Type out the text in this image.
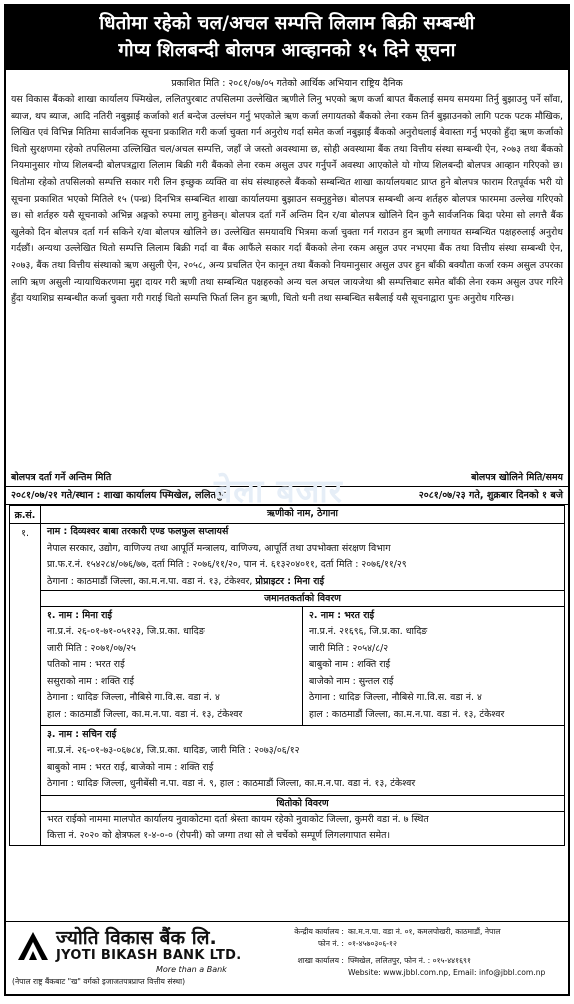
धितोमा रहेको चल/अचल सम्पत्ति लिलाम बिक्री सम्बन्धी
गोप्य शिलबन्दी बोलपत्र आव्हानको १५ दिने सूचना
प्रकाशित मिति : २०८१/०७/०५ गतेको आर्थिक अभियान राष्ट्रिय दैनिक
यस विकास बैंकको शाखा कार्यालय फ्मिखेल, ललितपुरबाट तपसिलमा उल्लेखित ऋणीले लिनु भएको ऋण कर्जा बापत बैंकलाई समय समयमा तिर्नु बुझाउनु पर्ने साँवा, ब्याज, थप ब्याज, आदि नतिरी नबुझाई कर्जाको शर्त बन्देज उल्लंघन गर्नु भएकोले ऋण कर्जा लगायतको बैंकको लेना रकम तिर्न बुझाउनको लागि पटक पटक मौखिक, लिखित एवं विभिन्न मितिमा सार्वजनिक सूचना प्रकाशित गरी कर्जा चुक्ता गर्न अनुरोध गर्दा समेत कर्जा नबुझाई बैंकको अनुरोधलाई बेवास्ता गर्नु भएको हुँदा ऋण कर्जाको धितो सुरक्षणमा रहेको तपसिलमा उल्लिखित चल/अचल सम्पत्ति, जहाँ जे जस्तो अवस्थामा छ, सोही अवस्थामा बैंक तथा वित्तीय संस्था सम्बन्धी ऐन, २०७३ तथा बैंकको नियमानुसार गोप्य शिलबन्दी बोलपत्रद्वारा लिलाम बिक्री गरी बैंकको लेना रकम असुल उपर गर्नुपर्ने अवस्था आएकोले यो गोप्य शिलबन्दी बोलपत्र आव्हान गरिएको छ। धितोमा रहेको तपसिलको सम्पत्ति सकार गरी लिन इच्छुक व्यक्ति वा संघ संस्थाहरुले बैंकको सम्बन्धित शाखा कार्यालयबाट प्राप्त हुने बोलपत्र फाराम रितपूर्वक भरी यो सूचना प्रकाशित भएको मितिले १५ (पन्ध्र) दिनभित्र सम्बन्धित शाखा कार्यालयमा बुझाउन सक्नुहुनेछ। बोलपत्र सम्बन्धी अन्य शर्तहरु बोलपत्र फारममा उल्लेख गरिएको छ। सो शर्तहरु यसै सूचनाको अभिन्न अङ्गको रुपमा लागु हुनेछन्। बोलपत्र दर्ता गर्ने अन्तिम दिन र/वा बोलपत्र खोलिने दिन कुनै सार्वजनिक बिदा परेमा सो लगत्तै बैंक खुलेको दिन बोलपत्र दर्ता गर्न सकिने र/वा बोलपत्र खोलिने छ। उल्लेखित समयावधि भित्रमा कर्जा चुक्ता गर्न गराउन हुन ऋणी लगायत सम्बन्धित पक्षहरुलाई अनुरोध गर्दछौं। अन्यथा उल्लेखित धितो सम्पत्ति लिलाम बिक्री गर्दा वा बैंक आफैंले सकार गर्दा बैंकको लेना रकम असुल उपर नभएमा बैंक तथा वित्तीय संस्था सम्बन्धी ऐन, २०७३, बैंक तथा वित्तीय संस्थाको ऋण असुली ऐन, २०५८, अन्य प्रचलित ऐन कानून तथा बैंकको नियमानुसार असुल उपर हुन बाँकी बक्यौता कर्जा रकम असुल उपरका लागि ऋण असुली न्यायाधिकरणमा मुद्दा दायर गरी ऋणी तथा सम्बन्धित पक्षहरुको अन्य चल अचल जायजेथा श्री सम्पत्तिबाट समेत बाँकी लेना रकम असुल उपर गरिने हुँदा यथाशिघ्र सम्बन्धीत कर्जा चुक्ता गरी गराई धितो सम्पत्ति फिर्ता लिन हुन ऋणी, धितो धनी तथा सम्बन्धित सबैलाई यसै सूचनाद्वारा पुनः अनुरोध गरिन्छ।
बेला बजार
बोलपत्र दर्ता गर्ने अन्तिम मिति	बोलपत्र खोलिने मिति/समय
२०८१/०७/२१ गते/स्थान : शाखा कार्यालय फ्मिखेल, ललितपुर	२०८१/०७/२३ गते, शुक्रबार दिनको १ बजे
क्र.सं.	ऋणीको नाम, ठेगाना
१.	नाम : दिव्यश्वर बाबा तरकारी एण्ड फलफुल सप्लायर्स
नेपाल सरकार, उद्योग, वाणिज्य तथा आपूर्ति मन्त्रालय, वाणिज्य, आपूर्ति तथा उपभोक्ता संरक्षण विभाग
प्रा.फ.र.नं. १५४२८४/०७६/७७, दर्ता मिति : २०७६/११/२०, पान नं. ६१३२०४०११, दर्ता मिति : २०७६/११/२९
ठेगाना : काठमाडौं जिल्ला, का.म.न.पा. वडा नं. १३, टंकेश्वर, प्रोप्राइटर : मिना राई
जमानतकर्ताको विवरण
१. नाम : मिना राई
ना.प्र.नं. २६-०१-७१-०५१२३, जि.प्र.का. धादिङ
जारी मिति : २०७१/०७/२५
पतिको नाम : भरत राई
ससुराको नाम : शक्ति राई
ठेगाना : धादिङ जिल्ला, नौबिसे गा.वि.स. वडा नं. ४
हाल : काठमाडौं जिल्ला, का.म.न.पा. वडा नं. १३, टंकेश्वर
२. नाम : भरत राई
ना.प्र.नं. २१६९६, जि.प्र.का. धादिङ
जारी मिति : २०५४/८/२
बाबुको नाम : शक्ति राई
बाजेको नाम : सुन्तल राई
ठेगाना : धादिङ जिल्ला, नौबिसे गा.वि.स. वडा नं. ४
हाल : काठमाडौं जिल्ला, का.म.न.पा. वडा नं. १३, टंकेश्वर
३. नाम : सचिन राई
ना.प्र.नं. २६-०१-७३-०६७८४, जि.प्र.का. धादिङ, जारी मिति : २०७३/०६/१२
बाबुको नाम : भरत राई, बाजेको नाम : शक्ति राई
ठेगाना : धादिङ जिल्ला, धुनीबेंसी न.पा. वडा नं. ९, हाल : काठमाडौं जिल्ला, का.म.न.पा. वडा नं. १३, टंकेश्वर
धितोको विवरण
भरत राईको नाममा मालपोत कार्यालय नुवाकोटमा दर्ता श्रेस्ता कायम रहेको नुवाकोट जिल्ला, कुमरी वडा नं. ७ स्थित
कित्ता नं. २०२० को क्षेत्रफल १-४-०-० (रोपनी) को जग्गा तथा सो ले चर्चेको सम्पूर्ण लिगलगापात समेत।
ज्योति विकास बैंक लि.
JYOTI BIKASH BANK LTD.
More than a Bank
(नेपाल राष्ट्र बैंकबाट "ख" वर्गको इजाजतपत्रप्राप्त वित्तीय संस्था)
केन्द्रीय कार्यालय : का.म.न.पा. वडा नं. ०१, कमलपोखरी, काठमाडौं, नेपाल
फोन नं. : ०१-४५७०३०६-१२
शाखा कार्यालय : फ्मिखेल, ललितपुर, फोन नं. : ०१५-४४१६९१
Website: www.jbbl.com.np, Email: info@jbbl.com.np
